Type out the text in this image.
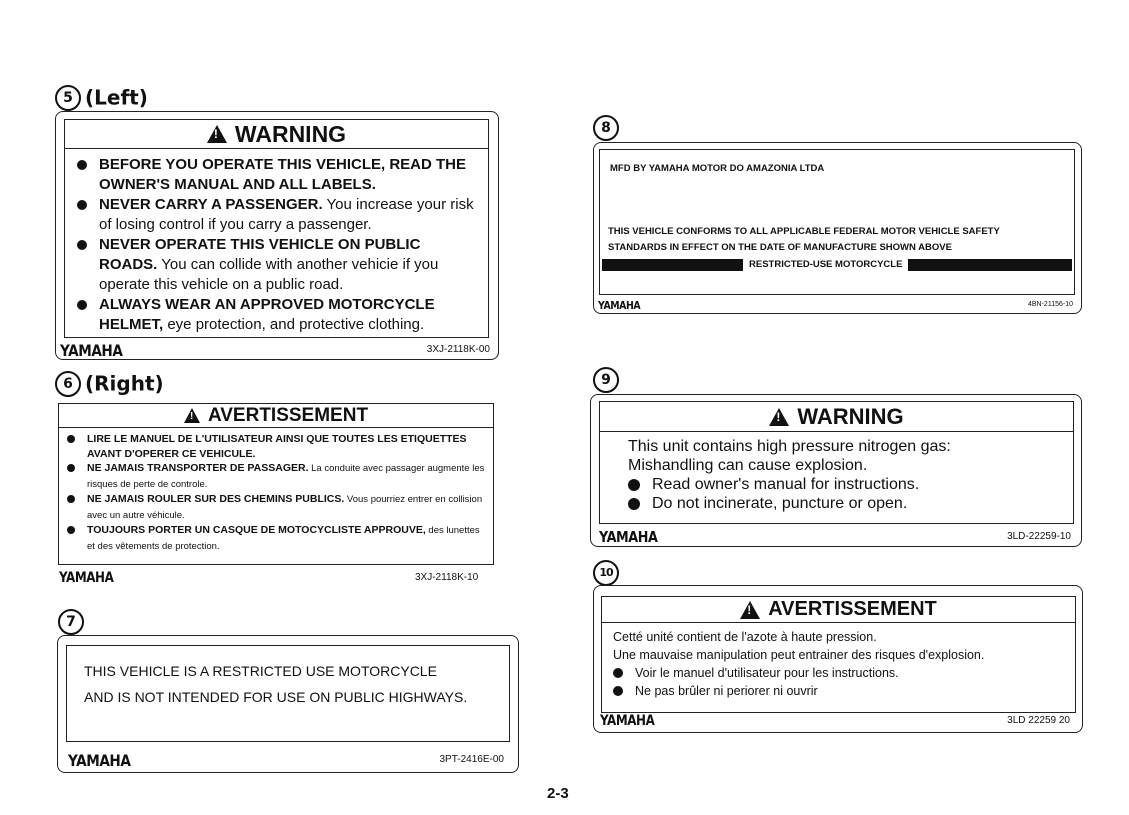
5 (Left)
!
WARNING
BEFORE YOU OPERATE THIS VEHICLE, READ THE OWNER'S MANUAL AND ALL LABELS.
NEVER CARRY A PASSENGER. You increase your risk of losing control if you carry a passenger.
NEVER OPERATE THIS VEHICLE ON PUBLIC ROADS. You can collide with another vehicie if you operate this vehicle on a public road.
ALWAYS WEAR AN APPROVED MOTORCYCLE HELMET, eye protection, and protective clothing.
YAMAHA	3XJ-2118K-00
6 (Right)
!
AVERTISSEMENT
LIRE LE MANUEL DE L'UTILISATEUR AINSI QUE TOUTES LES ETIQUETTES AVANT D'OPERER CE VEHICULE.
NE JAMAIS TRANSPORTER DE PASSAGER. La conduite avec passager augmente les risques de perte de controle.
NE JAMAIS ROULER SUR DES CHEMINS PUBLICS. Vous pourriez entrer en collision avec un autre véhicule.
TOUJOURS PORTER UN CASQUE DE MOTOCYCLISTE APPROUVE, des lunettes et des vêtements de protection.
YAMAHA	3XJ-2118K-10
7
THIS VEHICLE IS A RESTRICTED USE MOTORCYCLE
AND IS NOT INTENDED FOR USE ON PUBLIC HIGHWAYS.
YAMAHA	3PT-2416E-00
8
MFD BY YAMAHA MOTOR DO AMAZONIA LTDA
THIS VEHICLE CONFORMS TO ALL APPLICABLE FEDERAL MOTOR VEHICLE SAFETY
STANDARDS IN EFFECT ON THE DATE OF MANUFACTURE SHOWN ABOVE
RESTRICTED-USE MOTORCYCLE
YAMAHA	4BN-21156-10
9
!
WARNING
This unit contains high pressure nitrogen gas:
Mishandling can cause explosion.
Read owner's manual for instructions.
Do not incinerate, puncture or open.
YAMAHA	3LD-22259-10
10
!
AVERTISSEMENT
Cetté unité contient de l'azote à haute pression.
Une mauvaise manipulation peut entrainer des risques d'explosion.
Voir le manuel d'utilisateur pour les instructions.
Ne pas brûler ni periorer ni ouvrir
YAMAHA	3LD 22259 20
2-3
